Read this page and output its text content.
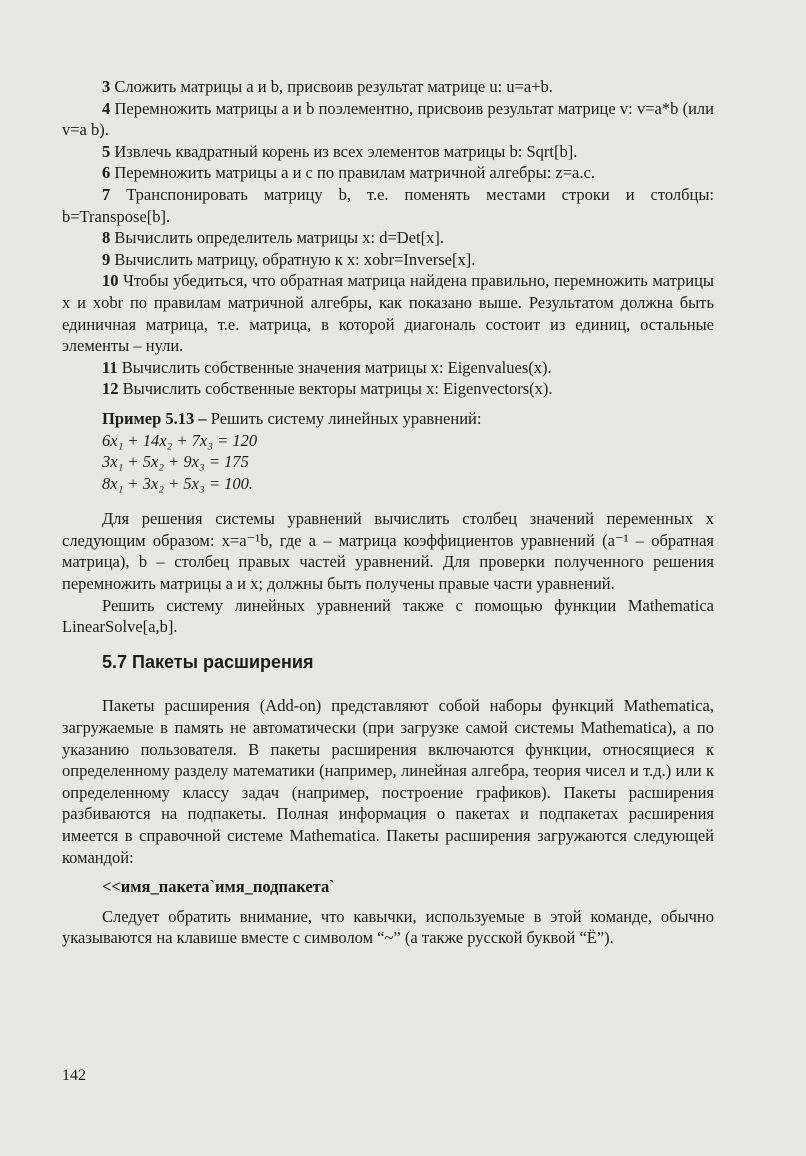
3 Сложить матрицы a и b, присвоив результат матрице u: u=a+b.

4 Перемножить матрицы a и b поэлементно, присвоив результат матрице v: v=a*b (или v=a b).

5 Извлечь квадратный корень из всех элементов матрицы b: Sqrt[b].

6 Перемножить матрицы a и c по правилам матричной алгебры: z=a.c.

7 Транспонировать матрицу b, т.е. поменять местами строки и столбцы: b=Transpose[b].

8 Вычислить определитель матрицы x: d=Det[x].

9 Вычислить матрицу, обратную к x: xobr=Inverse[x].

10 Чтобы убедиться, что обратная матрица найдена правильно, перемножить матрицы x и xobr по правилам матричной алгебры, как показано выше. Результатом должна быть единичная матрица, т.е. матрица, в которой диагональ состоит из единиц, остальные элементы – нули.

11 Вычислить собственные значения матрицы x: Eigenvalues(x).

12 Вычислить собственные векторы матрицы x: Eigenvectors(x).

Пример 5.13 – Решить систему линейных уравнений:

6x₁ + 14x₂ + 7x₃ = 120

3x₁ + 5x₂ + 9x₃ = 175

8x₁ + 3x₂ + 5x₃ = 100.

Для решения системы уравнений вычислить столбец значений переменных x следующим образом: x=a⁻¹b, где a – матрица коэффициентов уравнений (a⁻¹ – обратная матрица), b – столбец правых частей уравнений. Для проверки полученного решения перемножить матрицы a и x; должны быть получены правые части уравнений.

Решить систему линейных уравнений также с помощью функции Mathematica LinearSolve[a,b].

5.7 Пакеты расширения

Пакеты расширения (Add-on) представляют собой наборы функций Mathematica, загружаемые в память не автоматически (при загрузке самой системы Mathematica), а по указанию пользователя. В пакеты расширения включаются функции, относящиеся к определенному разделу математики (например, линейная алгебра, теория чисел и т.д.) или к определенному классу задач (например, построение графиков). Пакеты расширения разбиваются на подпакеты. Полная информация о пакетах и подпакетах расширения имеется в справочной системе Mathematica. Пакеты расширения загружаются следующей командой:

<<имя_пакета`имя_подпакета`

Следует обратить внимание, что кавычки, используемые в этой команде, обычно указываются на клавише вместе с символом “~” (а также русской буквой “Ё”).

142
